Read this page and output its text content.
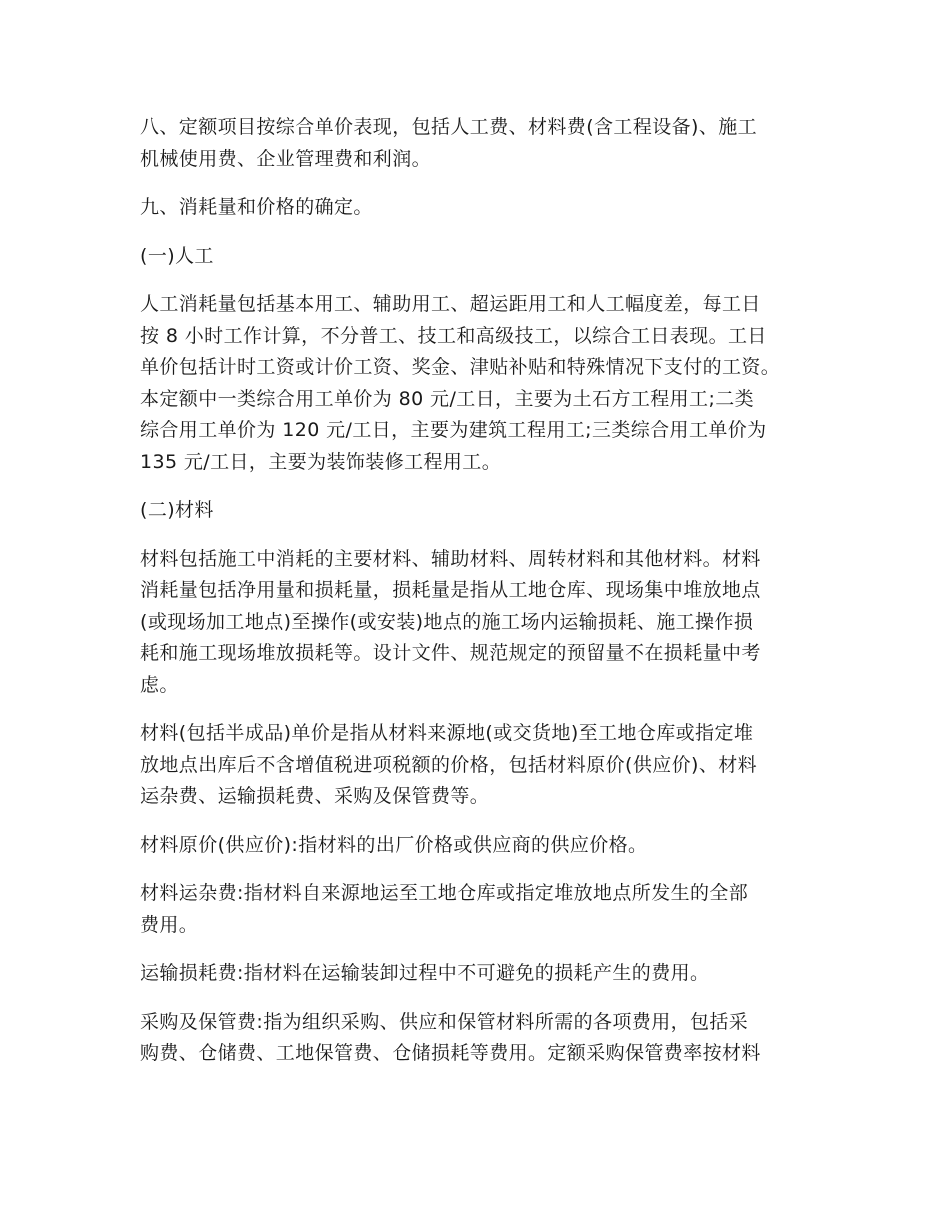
八、定额项目按综合单价表现，包括人工费、材料费(含工程设备)、施工
机械使用费、企业管理费和利润。

九、消耗量和价格的确定。

(一)人工

人工消耗量包括基本用工、辅助用工、超运距用工和人工幅度差，每工日
按 8 小时工作计算，不分普工、技工和高级技工，以综合工日表现。工日
单价包括计时工资或计价工资、奖金、津贴补贴和特殊情况下支付的工资。
本定额中一类综合用工单价为 80 元/工日，主要为土石方工程用工;二类
综合用工单价为 120 元/工日，主要为建筑工程用工;三类综合用工单价为
135 元/工日，主要为装饰装修工程用工。

(二)材料

材料包括施工中消耗的主要材料、辅助材料、周转材料和其他材料。材料
消耗量包括净用量和损耗量，损耗量是指从工地仓库、现场集中堆放地点
(或现场加工地点)至操作(或安装)地点的施工场内运输损耗、施工操作损
耗和施工现场堆放损耗等。设计文件、规范规定的预留量不在损耗量中考
虑。

材料(包括半成品)单价是指从材料来源地(或交货地)至工地仓库或指定堆
放地点出库后不含增值税进项税额的价格，包括材料原价(供应价)、材料
运杂费、运输损耗费、采购及保管费等。

材料原价(供应价):指材料的出厂价格或供应商的供应价格。

材料运杂费:指材料自来源地运至工地仓库或指定堆放地点所发生的全部
费用。

运输损耗费:指材料在运输装卸过程中不可避免的损耗产生的费用。

采购及保管费:指为组织采购、供应和保管材料所需的各项费用，包括采
购费、仓储费、工地保管费、仓储损耗等费用。定额采购保管费率按材料
